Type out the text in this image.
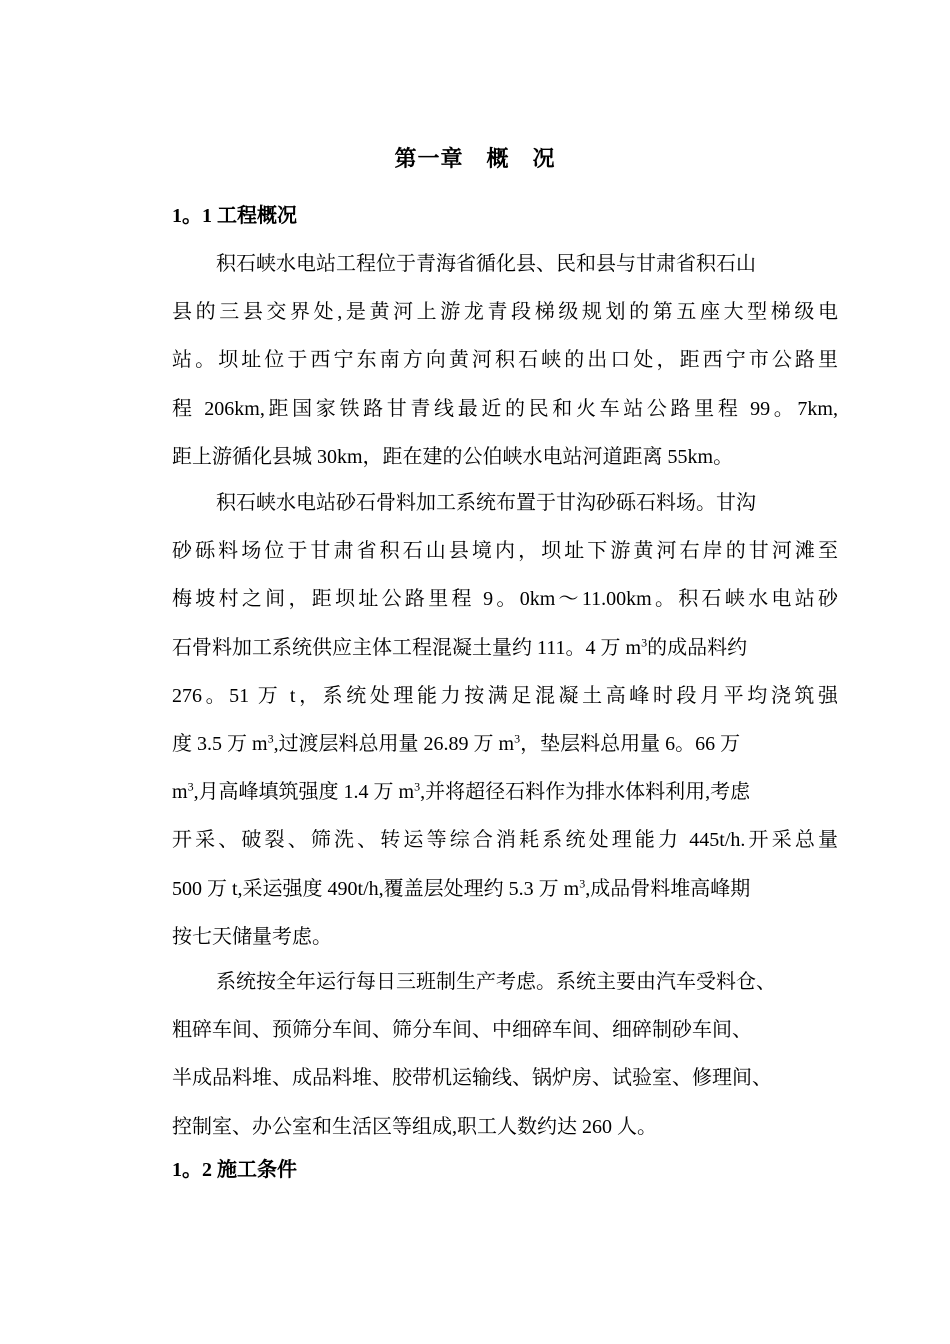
第一章　概　况
1。1 工程概况
积石峡水电站工程位于青海省循化县、民和县与甘肃省积石山
县的三县交界处,是黄河上游龙青段梯级规划的第五座大型梯级电
站。坝址位于西宁东南方向黄河积石峡的出口处，距西宁市公路里
程 206km,距国家铁路甘青线最近的民和火车站公路里程 99。7km,
距上游循化县城 30km，距在建的公伯峡水电站河道距离 55km。
积石峡水电站砂石骨料加工系统布置于甘沟砂砾石料场。甘沟
砂砾料场位于甘肃省积石山县境内，坝址下游黄河右岸的甘河滩至
梅坡村之间，距坝址公路里程 9。0km～11.00km。积石峡水电站砂
石骨料加工系统供应主体工程混凝土量约 111。4 万 $m^3$的成品料约
276。51 万 t，系统处理能力按满足混凝土高峰时段月平均浇筑强
度 3.5 万 $m^3$,过渡层料总用量 26.89 万 $m^3$，垫层料总用量 6。66 万
$m^3$,月高峰填筑强度 1.4 万 $m^3$,并将超径石料作为排水体料利用,考虑
开采、破裂、筛洗、转运等综合消耗系统处理能力 445t/h.开采总量
500 万 t,采运强度 490t/h,覆盖层处理约 5.3 万 $m^3$,成品骨料堆高峰期
按七天储量考虑。
系统按全年运行每日三班制生产考虑。系统主要由汽车受料仓、
粗碎车间、预筛分车间、筛分车间、中细碎车间、细碎制砂车间、
半成品料堆、成品料堆、胶带机运输线、锅炉房、试验室、修理间、
控制室、办公室和生活区等组成,职工人数约达 260 人。
1。2 施工条件
